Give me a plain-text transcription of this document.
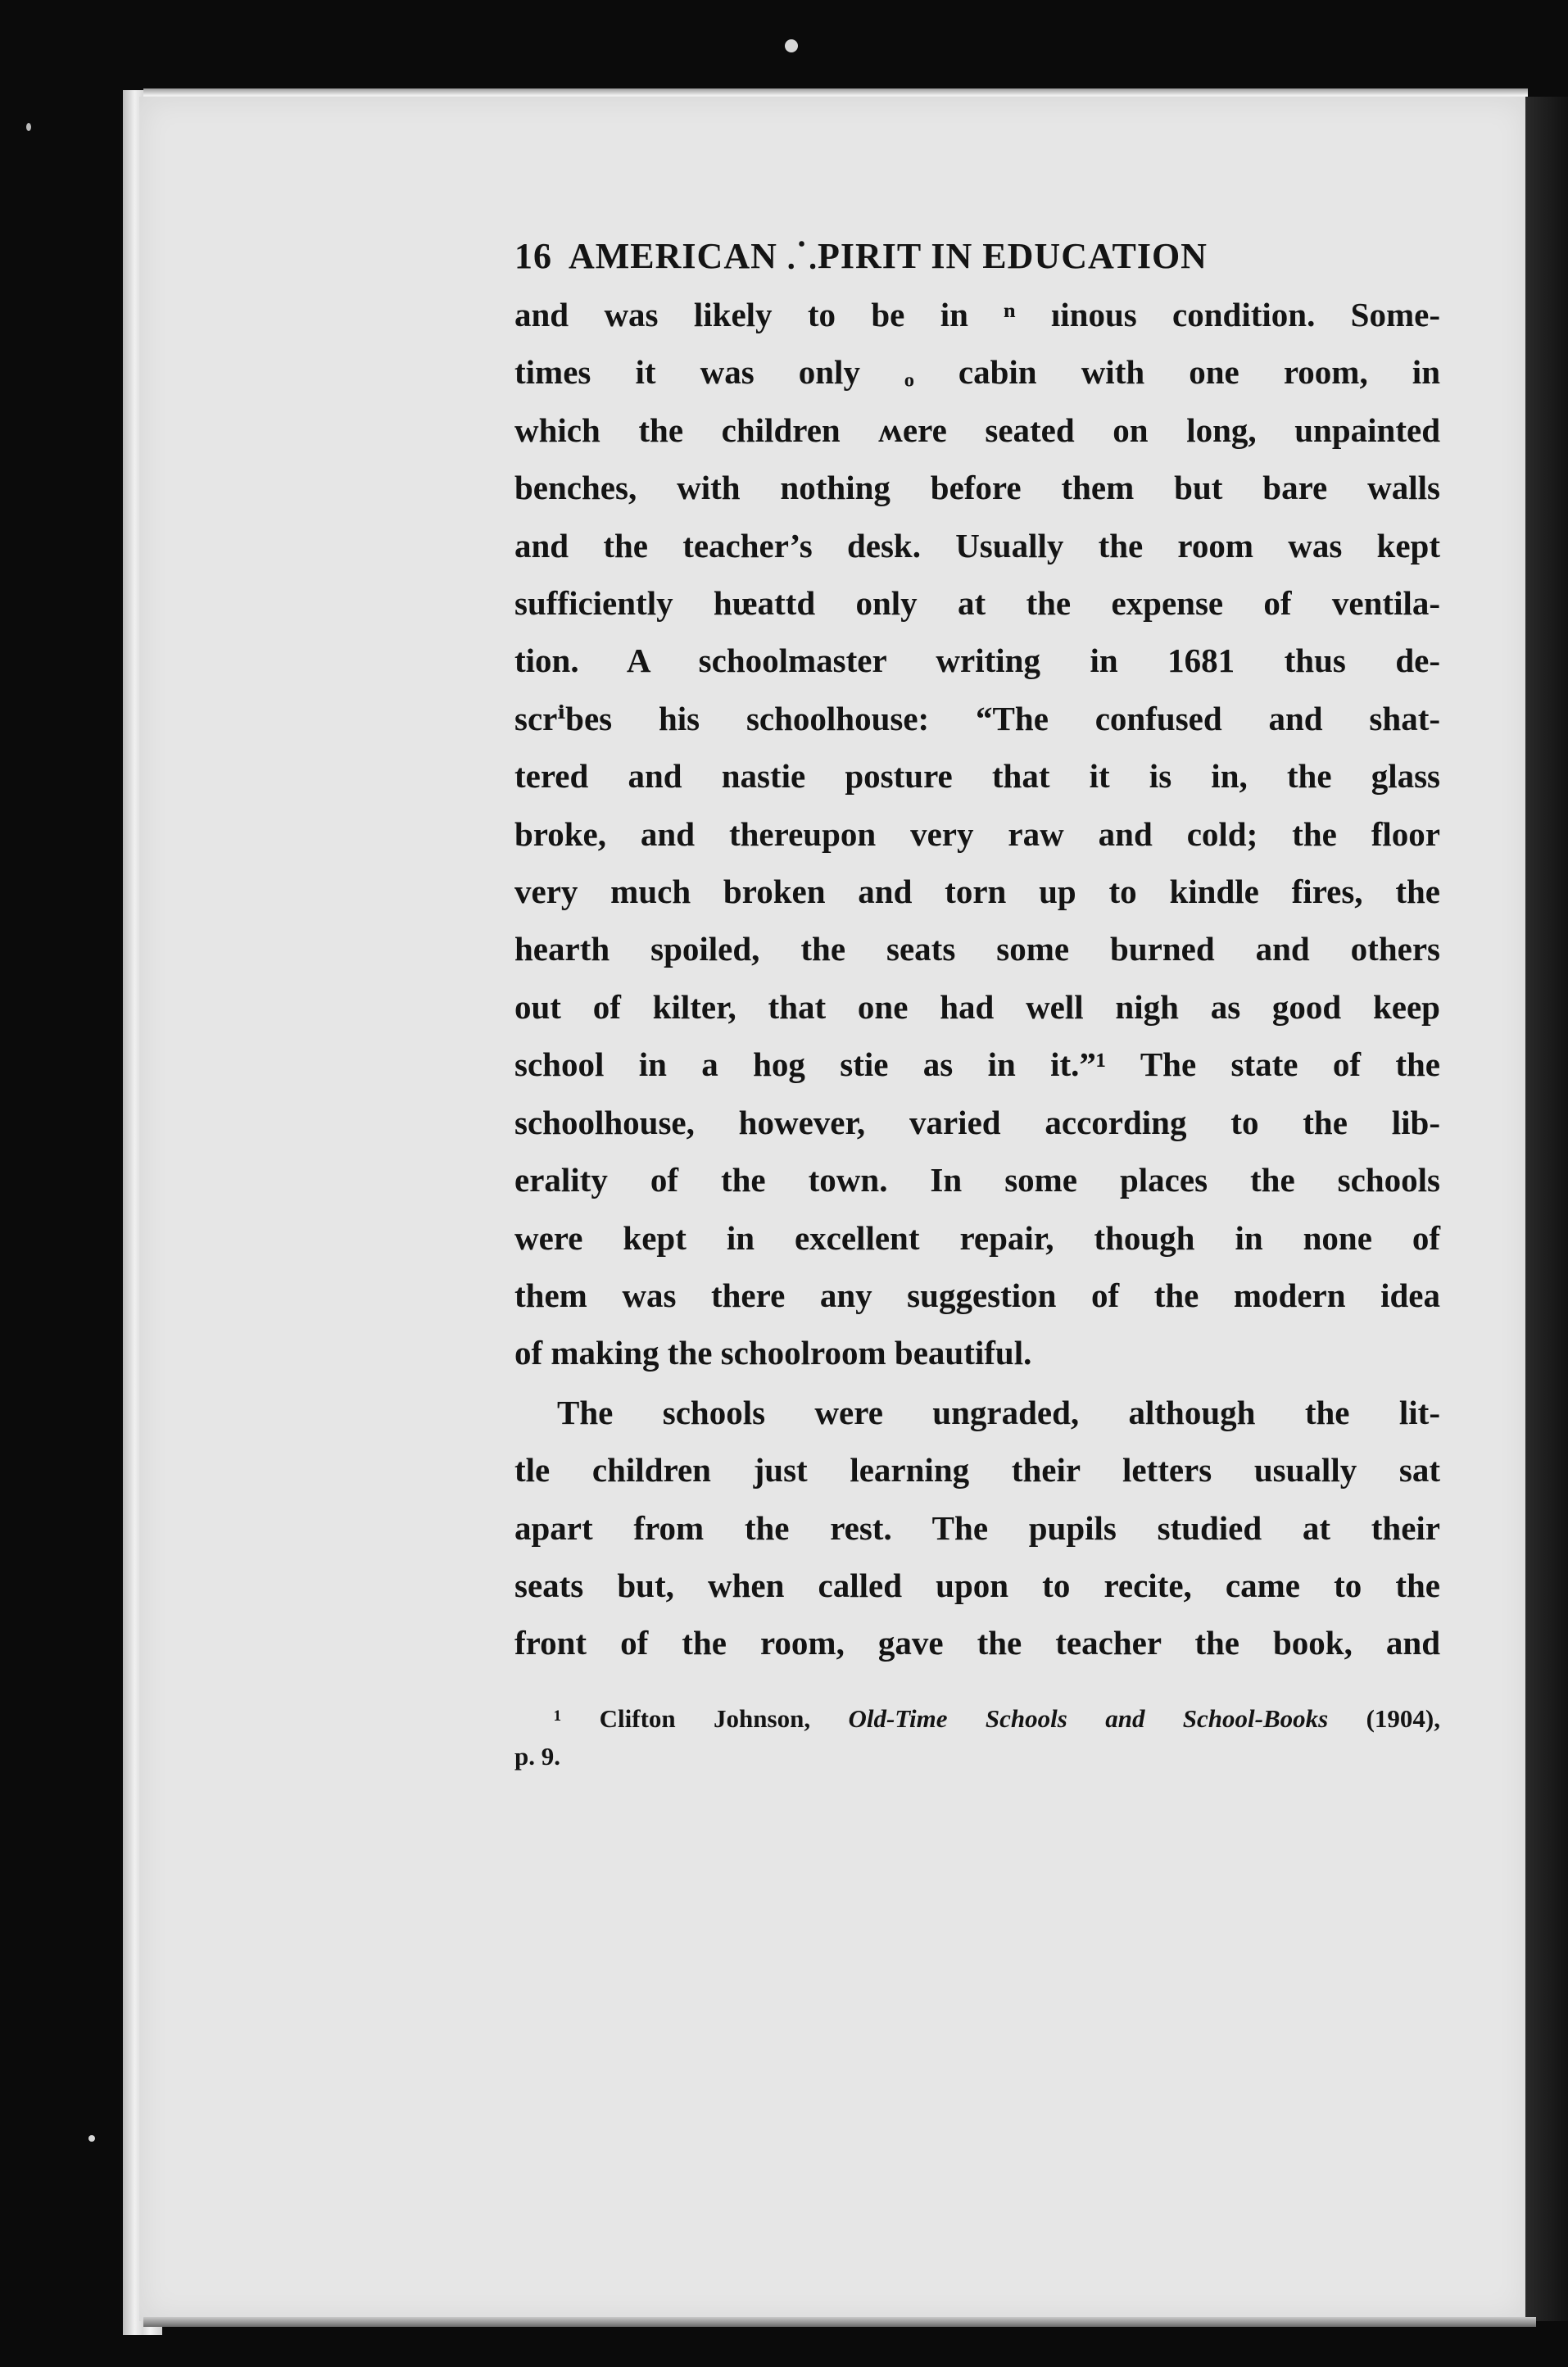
16 AMERICAN ⸫PIRIT IN EDUCATION
and was likely to be in ⁿ ıinous condition. Some-
times it was only ₒ cabin with one room, in
which the children ʍere seated on long, unpainted
benches, with nothing before them but bare walls
and the teacher’s desk. Usually the room was kept
sufficiently hᵫattd only at the expense of ventila-
tion. A schoolmaster writing in 1681 thus de-
scrⁱbes his schoolhouse: “The confused and shat-
tered and nastie posture that it is in, the glass
broke, and thereupon very raw and cold; the floor
very much broken and torn up to kindle fires, the
hearth spoiled, the seats some burned and others
out of kilter, that one had well nigh as good keep
school in a hog stie as in it.”¹ The state of the
schoolhouse, however, varied according to the lib-
erality of the town. In some places the schools
were kept in excellent repair, though in none of
them was there any suggestion of the modern idea
of making the schoolroom beautiful.
The schools were ungraded, although the lit-
tle children just learning their letters usually sat
apart from the rest. The pupils studied at their
seats but, when called upon to recite, came to the
front of the room, gave the teacher the book, and
¹ Clifton Johnson, Old-Time Schools and School-Books (1904),
p. 9.
